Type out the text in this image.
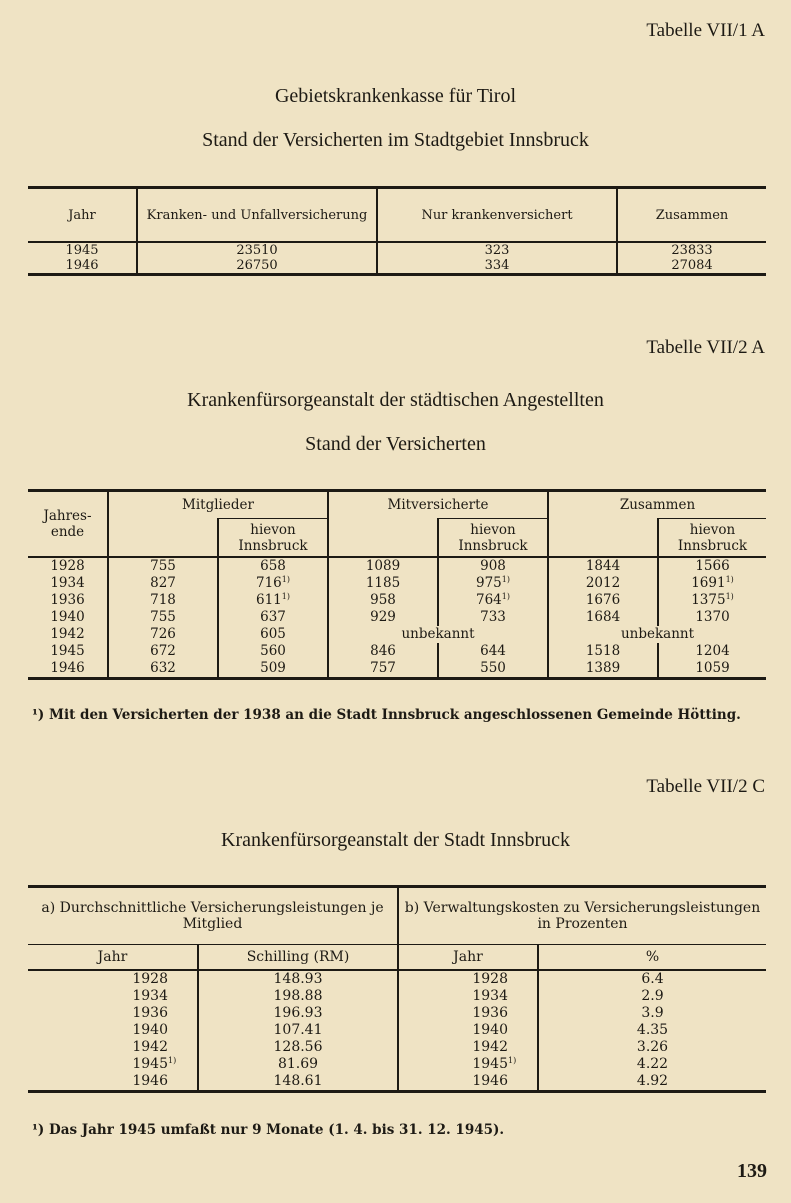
Tabelle VII/1 A
Gebietskrankenkasse für Tirol
Stand der Versicherten im Stadtgebiet Innsbruck
Jahr	Kranken- und Unfallversicherung	Nur krankenversichert	Zusammen
1945	23510	323	23833
1946	26750	334	27084
Tabelle VII/2 A
Krankenfürsorgeanstalt der städtischen Angestellten
Stand der Versicherten
Jahres-ende	Mitglieder		Mitversicherte		Zusammen	
		hievon Innsbruck		hievon Innsbruck		hievon Innsbruck
1928	755	658	1089	908	1844	1566
1934	827	716$^{1)}$	1185	975$^{1)}$	2012	1691$^{1)}$
1936	718	611$^{1)}$	958	764$^{1)}$	1676	1375$^{1)}$
1940	755	637	929	733	1684	1370
1942	726	605	unbekannt		unbekannt	
1945	672	560	846	644	1518	1204
1946	632	509	757	550	1389	1059
¹) Mit den Versicherten der 1938 an die Stadt Innsbruck angeschlossenen Gemeinde Hötting.
Tabelle VII/2 C
Krankenfürsorgeanstalt der Stadt Innsbruck
a) Durchschnittliche Versicherungsleistungen je Mitglied			b) Verwaltungskosten zu Versicherungsleistungen in Prozenten		
Jahr		Schilling (RM)	Jahr		%
1928		148.93	1928		6.4
1934		198.88	1934		2.9
1936		196.93	1936		3.9
1940		107.41	1940		4.35
1942		128.56	1942		3.26
1945	$^{1)}$	81.69	1945	$^{1)}$	4.22
1946		148.61	1946		4.92
¹) Das Jahr 1945 umfaßt nur 9 Monate (1. 4. bis 31. 12. 1945).
139
